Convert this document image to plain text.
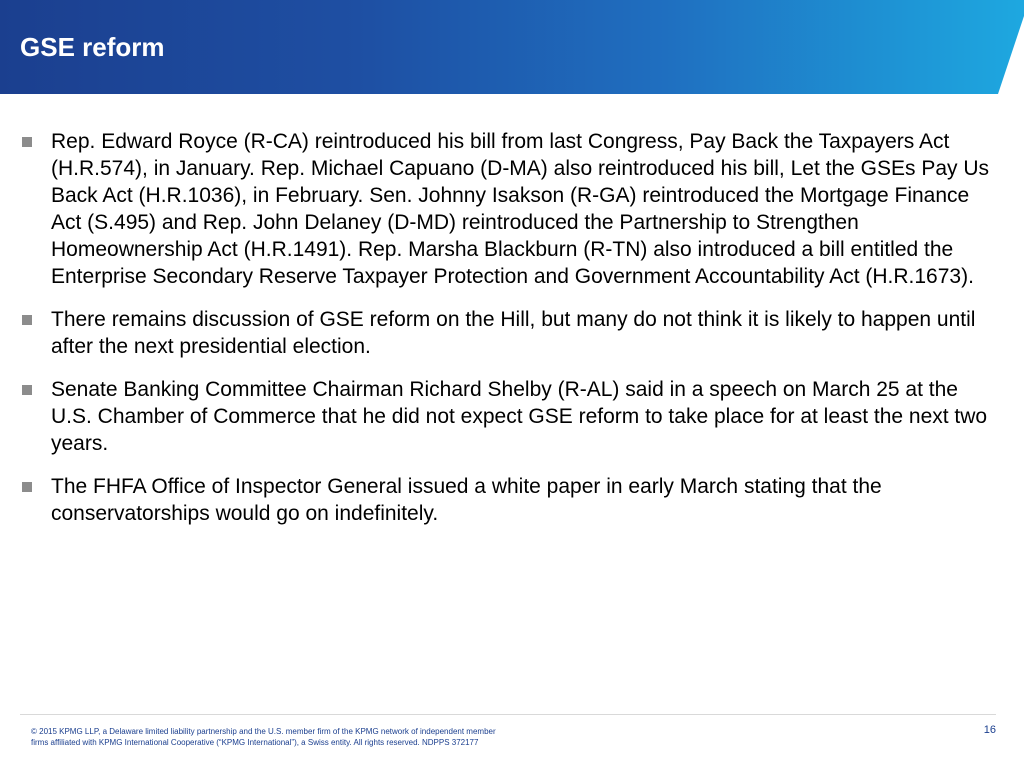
GSE reform
Rep. Edward Royce (R-CA) reintroduced his bill from last Congress, Pay Back the Taxpayers Act (H.R.574), in January. Rep. Michael Capuano (D-MA) also reintroduced his bill, Let the GSEs Pay Us Back Act (H.R.1036), in February. Sen. Johnny Isakson (R-GA) reintroduced the Mortgage Finance Act (S.495) and Rep. John Delaney (D-MD) reintroduced the Partnership to Strengthen Homeownership Act (H.R.1491). Rep. Marsha Blackburn (R-TN) also introduced a bill entitled the Enterprise Secondary Reserve Taxpayer Protection and Government Accountability Act (H.R.1673).
There remains discussion of GSE reform on the Hill, but many do not think it is likely to happen until after the next presidential election.
Senate Banking Committee Chairman Richard Shelby (R-AL) said in a speech on March 25 at the U.S. Chamber of Commerce that he did not expect GSE reform to take place for at least the next two years.
The FHFA Office of Inspector General issued a white paper in early March stating that the conservatorships would go on indefinitely.
© 2015 KPMG LLP, a Delaware limited liability partnership and the U.S. member firm of the KPMG network of independent member
firms affiliated with KPMG International Cooperative (“KPMG International”), a Swiss entity. All rights reserved. NDPPS 372177
16
